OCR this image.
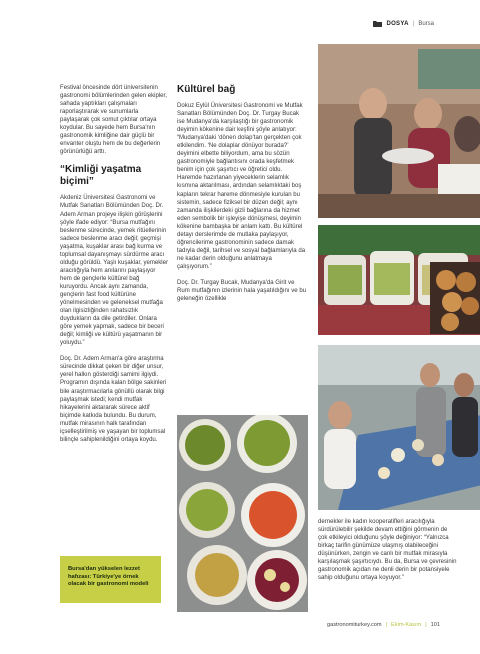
DOSYA | Bursa

Festival öncesinde dört üniversitenin gastronomi bölümlerinden gelen ekipler, sahada yaptıkları çalışmaları raporlaştırarak ve sunumlarla paylaşarak çok somut çıktılar ortaya koydular. Bu sayede hem Bursa'nın gastronomik kimliğine dair güçlü bir envanter oluştu hem de bu değerlerin görünürlüğü arttı.

“Kimliği yaşatma biçimi”

Akdeniz Üniversitesi Gastronomi ve Mutfak Sanatları Bölümünden Doç. Dr. Adem Arman projeye ilişkin görüşlerini şöyle ifade ediyor: “Bursa mutfağını beslenme sürecinde, yemek ritüellerinin sadece beslenme aracı değil; geçmişi yaşatma, kuşaklar arası bağ kurma ve toplumsal dayanışmayı sürdürme aracı olduğu görüldü. Yaşlı kuşaklar, yemekler aracılığıyla hem anılarını paylaşıyor hem de gençlerle kültürel bağ kuruyordu. Ancak aynı zamanda, gençlerin fast food kültürüne yönelmesinden ve geleneksel mutfağa olan ilgisizliğinden rahatsızlık duydukların da dile getirdiler. Onlara göre yemek yapmak, sadece bir beceri değil; kimliği ve kültürü yaşatmanın bir yoluydu.”

Doç. Dr. Adem Arman'a göre araştırma sürecinde dikkat çeken bir diğer unsur, yerel halkın gösterdiği samimi ilgiydi. Programın dışında kalan bölge sakinleri bile araştırmacılarla gönüllü olarak bilgi paylaşmak istedi; kendi mutfak hikayelerini aktararak sürece aktif biçimde katkıda bulundu. Bu durum, mutfak mirasının halk tarafından içselleştirilmiş ve yaşayan bir toplumsal bilinçle sahiplenildiğini ortaya koydu.

Bursa'dan yükselen lezzet hafızası: Türkiye'ye örnek olacak bir gastronomi modeli
Kültürel bağ

Dokuz Eylül Üniversitesi Gastronomi ve Mutfak Sanatları Bölümünden Doç. Dr. Turgay Bucak ise Mudanya'da karşılaştığı bir gastronomik deyimin kökenine dair keşfini şöyle anlatıyor: “Mudanya'daki ‘dönen dolap’tan gerçekten çok etkilendim. ‘Ne dolaplar dönüyor burada?’ deyimini elbette biliyordum, ama bu sözün gastronomiyle bağlantısını orada keşfetmek benim için çok şaşırtıcı ve öğretici oldu. Haremde hazırlanan yiyeceklerin selamlık kısmına aktarılması, ardından selamlıktaki boş kapların tekrar hareme dönmesiyle kurulan bu sistemin, sadece fiziksel bir düzen değil; aynı zamanda ilişkilerdeki gizli bağlarına da hizmet eden sembolik bir işleyişe dönüşmesi, deyimin kökenine bambaşka bir anlam kattı. Bu kültürel detayı derslerimde de mutlaka paylaşıyor, öğrencilerime gastronominin sadece damak tadıyla değil, tarihsel ve sosyal bağlamlarıyla da ne kadar derin olduğunu anlatmaya çalışıyorum.”

Doç. Dr. Turgay Bucak, Mudanya'da Girit ve Rum mutfağının izlerinin hala yaşatıldığını ve bu geleneğin özellikle

dernekler ile kadın kooperatifleri aracılığıyla sürdürülebilir şekilde devam ettiğini görmenin de çok etkileyici olduğunu şöyle değiniyor: “Yalnızca birkaç tarifin günümüze ulaşmış olabileceğini düşünürken, zengin ve canlı bir mutfak mirasıyla karşılaşmak şaşırtıcıydı. Bu da, Bursa ve çevresinin gastronomik açıdan ne denli derin bir potansiyele sahip olduğunu ortaya koyuyor.”

gastronomiturkey.com | Ekim-Kasım | 101
